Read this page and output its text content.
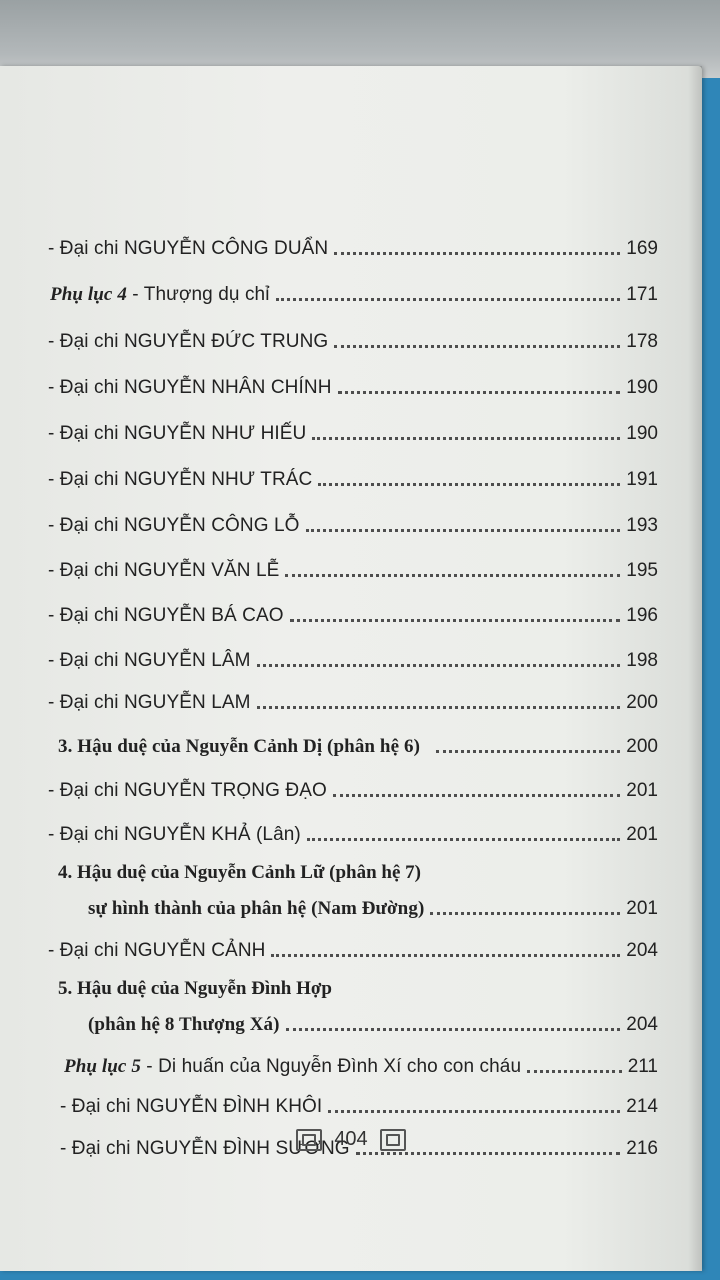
- Đại chi NGUYỄN CÔNG DUẨN	169
Phụ lục 4 - Thượng dụ chỉ	171
- Đại chi NGUYỄN ĐỨC TRUNG	178
- Đại chi NGUYỄN NHÂN CHÍNH	190
- Đại chi NGUYỄN NHƯ HIẾU	190
- Đại chi NGUYỄN NHƯ TRÁC	191
- Đại chi NGUYỄN CÔNG LỖ	193
- Đại chi NGUYỄN VĂN LỄ	195
- Đại chi NGUYỄN BÁ CAO	196
- Đại chi NGUYỄN LÂM	198
- Đại chi NGUYỄN LAM	200
3. Hậu duệ của Nguyễn Cảnh Dị (phân hệ 6)	200
- Đại chi NGUYỄN TRỌNG ĐẠO	201
- Đại chi NGUYỄN KHẢ (Lân)	201
4. Hậu duệ của Nguyễn Cảnh Lữ (phân hệ 7)
sự hình thành của phân hệ (Nam Đường)	201
- Đại chi NGUYỄN CẢNH	204
5. Hậu duệ của Nguyễn Đình Hợp
(phân hệ 8 Thượng Xá)	204
Phụ lục 5 - Di huấn của Nguyễn Đình Xí cho con cháu	211
- Đại chi NGUYỄN ĐÌNH KHÔI	214
- Đại chi NGUYỄN ĐÌNH SƯƠNG	216
404
